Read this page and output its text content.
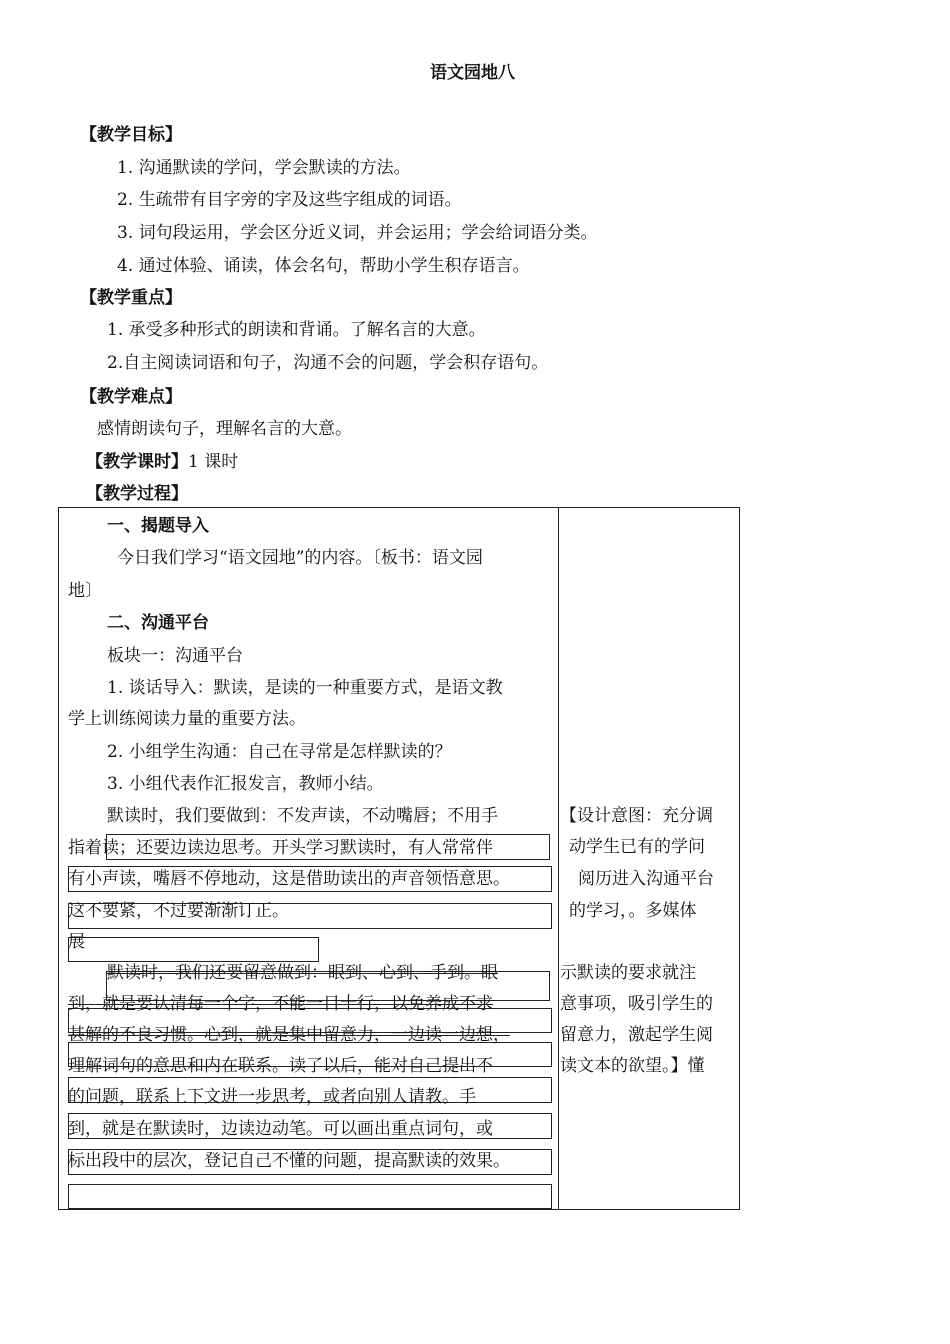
语文园地八
【教学目标】
1. 沟通默读的学问，学会默读的方法。
2. 生疏带有目字旁的字及这些字组成的词语。
3. 词句段运用，学会区分近义词，并会运用；学会给词语分类。
4. 通过体验、诵读，体会名句，帮助小学生积存语言。
【教学重点】
1. 承受多种形式的朗读和背诵。了解名言的大意。
2.自主阅读词语和句子，沟通不会的问题，学会积存语句。
【教学难点】
感情朗读句子，理解名言的大意。
【教学课时】1 课时
【教学过程】
一、揭题导入
今日我们学习“语文园地”的内容。〔板书：语文园
地〕
二、沟通平台
板块一：沟通平台
1. 谈话导入：默读，是读的一种重要方式，是语文教
学上训练阅读力量的重要方法。
2. 小组学生沟通：自己在寻常是怎样默读的？
3. 小组代表作汇报发言，教师小结。
默读时，我们要做到：不发声读，不动嘴唇；不用手
指着读；还要边读边思考。开头学习默读时，有人常常伴
有小声读，嘴唇不停地动，这是借助读出的声音领悟意思。
这不要紧，不过要渐渐订正。
展
默读时，我们还要留意做到：眼到、心到、手到。眼
到，就是要认清每一个字，不能一目十行，以免养成不求
甚解的不良习惯。心到，就是集中留意力，一边读一边想，
理解词句的意思和内在联系。读了以后，能对自己提出不
的问题，联系上下文进一步思考，或者向别人请教。手
到，就是在默读时，边读边动笔。可以画出重点词句，或
标出段中的层次，登记自己不懂的问题，提高默读的效果。
【设计意图：充分调
动学生已有的学问
阅历进入沟通平台
的学习，。多媒体
示默读的要求就注
意事项，吸引学生的
留意力，激起学生阅
读文本的欲望。】懂
